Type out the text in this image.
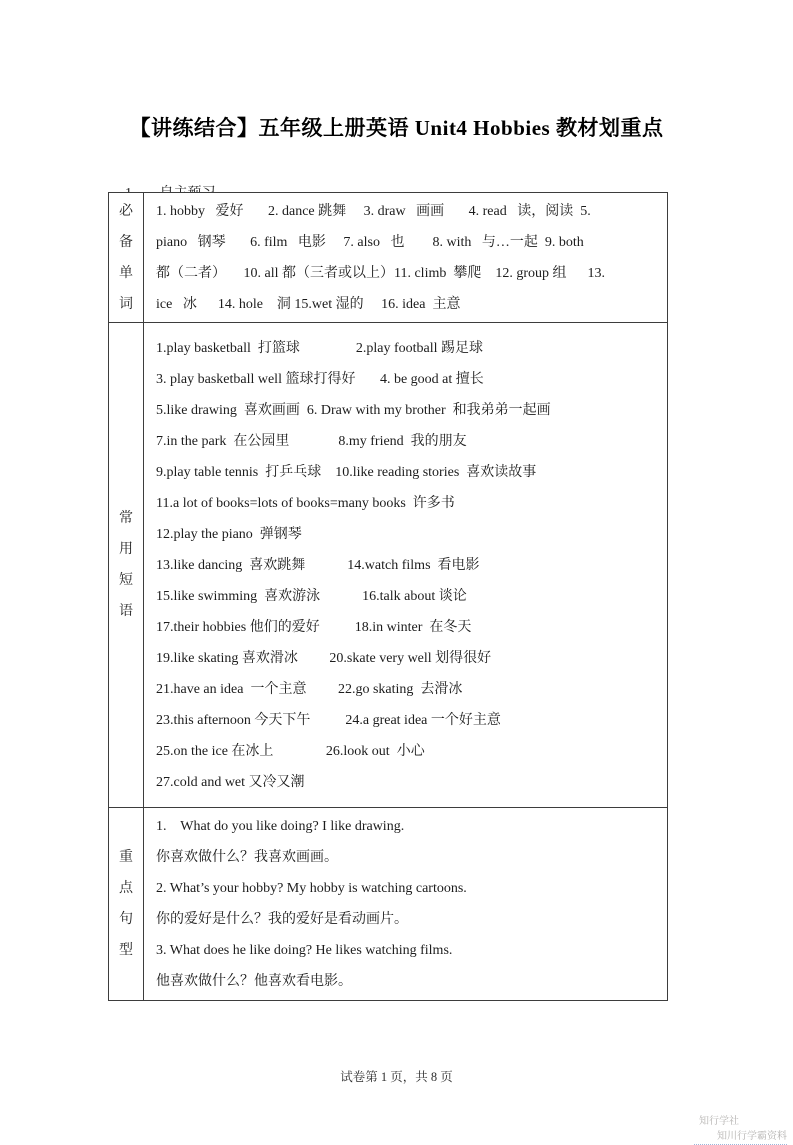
【讲练结合】五年级上册英语 Unit4 Hobbies 教材划重点

必
备
单
词
1. hobby   爱好       2. dance 跳舞     3. draw   画画       4. read   读，阅读  5.
piano   钢琴       6. film   电影     7. also   也        8. with   与…一起  9. both
都（二者）     10. all 都（三者或以上）11. climb  攀爬    12. group 组      13.
ice   冰      14. hole    洞 15.wet 湿的     16. idea  主意
常
用
短
语
1.play basketball  打篮球                2.play football 踢足球
3. play basketball well 篮球打得好       4. be good at 擅长
5.like drawing  喜欢画画  6. Draw with my brother  和我弟弟一起画
7.in the park  在公园里              8.my friend  我的朋友
9.play table tennis  打乒乓球    10.like reading stories  喜欢读故事
11.a lot of books=lots of books=many books  许多书
12.play the piano  弹钢琴
13.like dancing  喜欢跳舞            14.watch films  看电影
15.like swimming  喜欢游泳            16.talk about 谈论
17.their hobbies 他们的爱好          18.in winter  在冬天
19.like skating 喜欢滑冰         20.skate very well 划得很好
21.have an idea  一个主意         22.go skating  去滑冰
23.this afternoon 今天下午          24.a great idea 一个好主意
25.on the ice 在冰上               26.look out  小心
27.cold and wet 又冷又潮
重
点
句
型
1.    What do you like doing? I like drawing.
你喜欢做什么？我喜欢画画。
2. What’s your hobby? My hobby is watching cartoons.
你的爱好是什么？我的爱好是看动画片。
3. What does he like doing? He likes watching films.
他喜欢做什么？他喜欢看电影。
试卷第 1 页，共 8 页

知行学社
知川行学霸资料
